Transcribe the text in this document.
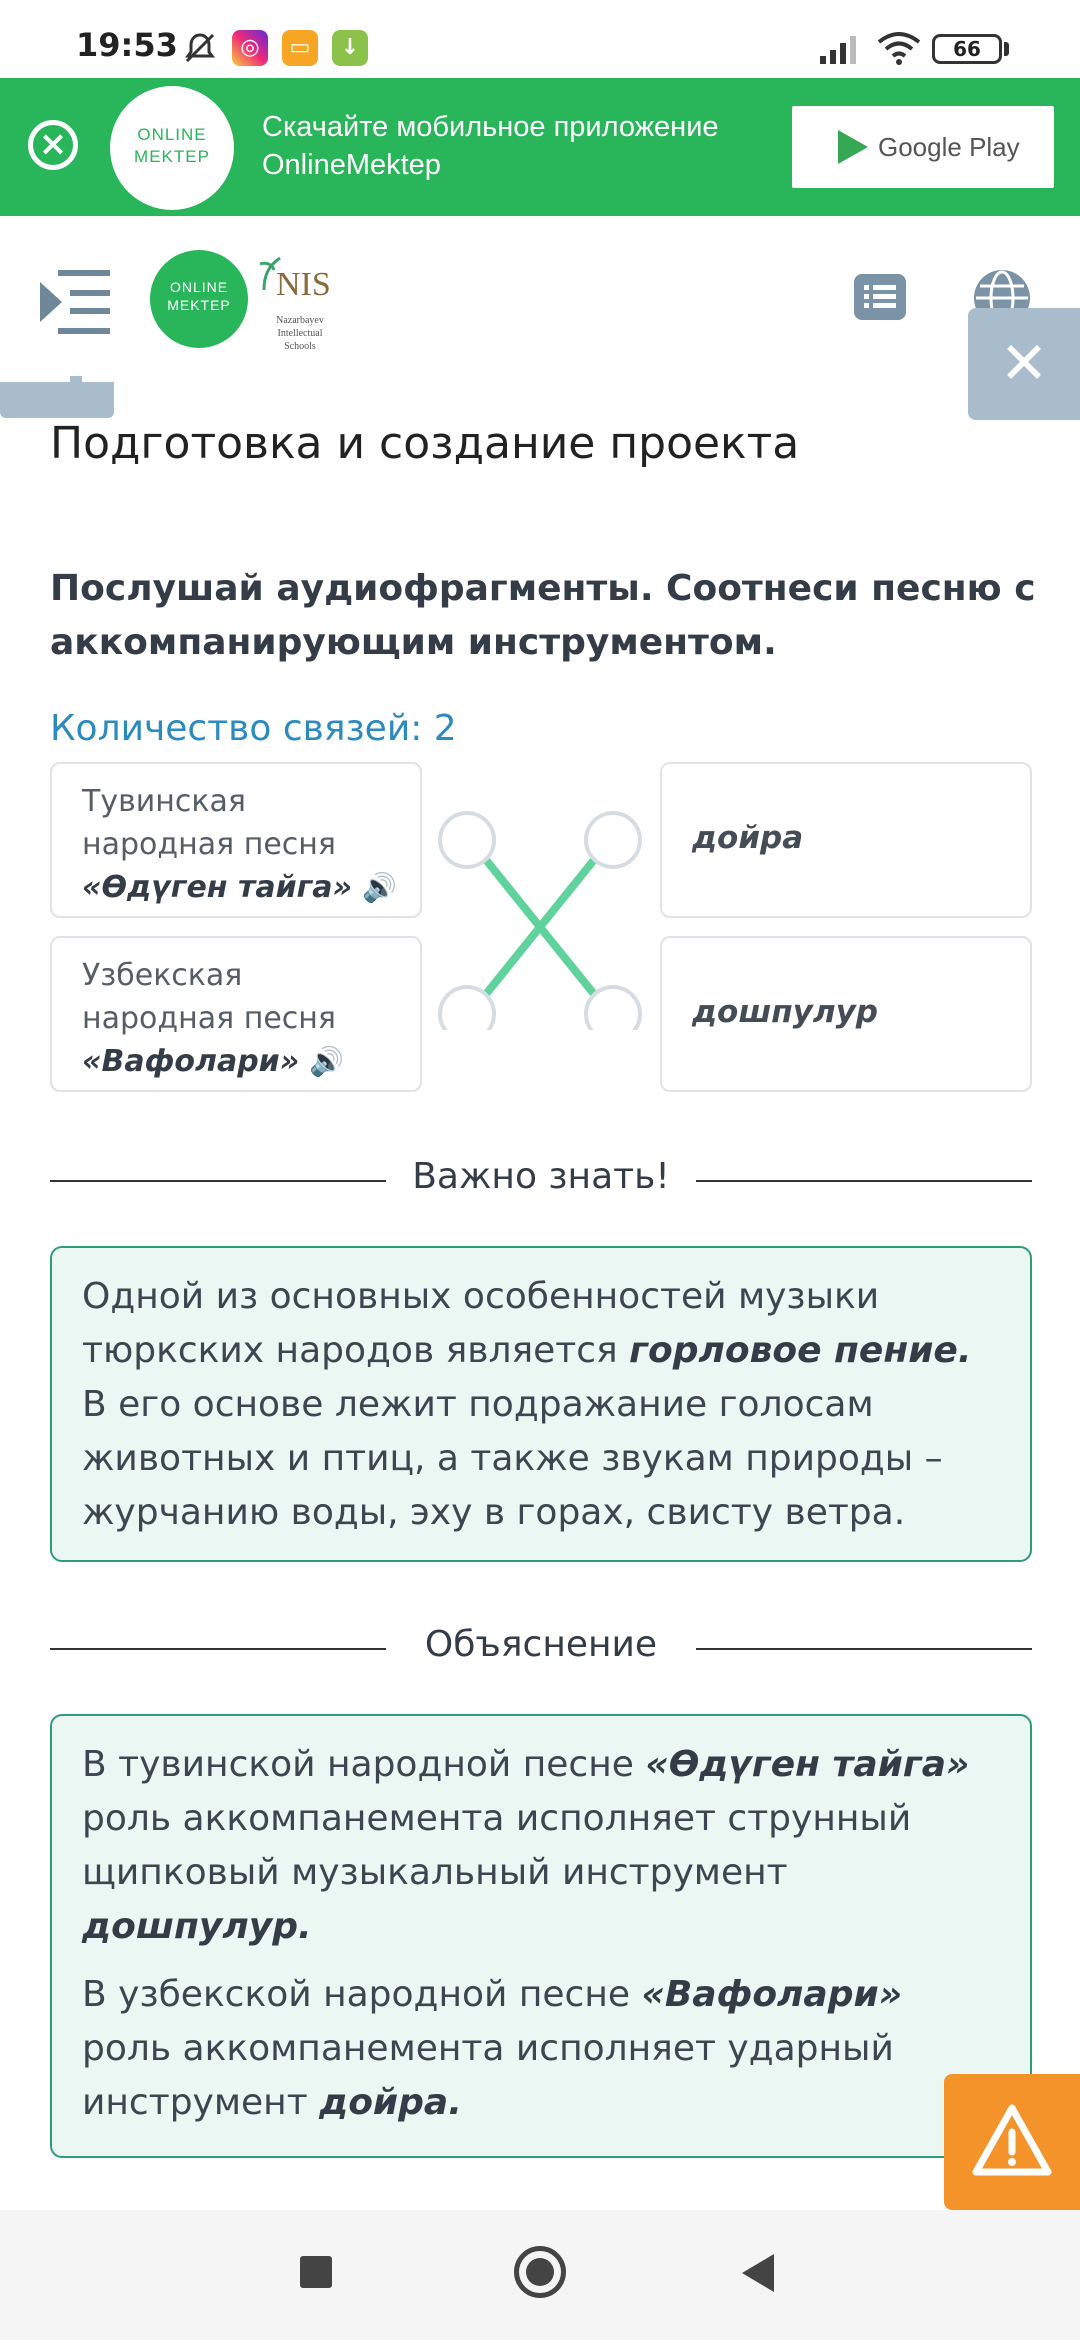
19:53	◎	▭	↓	66
×	ONLINE
MEKTEP
Скачайте мобильное приложение
OnlineMektep
Google Play
ONLINE
MEKTEP
NIS
Nazarbayev
Intellectual
Schools	✕
Подготовка и создание проекта
Послушай аудиофрагменты. Соотнеси песню с аккомпанирующим инструментом.
Количество связей: 2
Тувинская
народная песня
«Өдүген тайга» 🔊
Узбекская
народная песня
«Вафолари» 🔊
дойра
дошпулур
Важно знать!
Одной из основных особенностей музыки тюркских народов является горловое пение. В его основе лежит подражание голосам животных и птиц, а также звукам природы – журчанию воды, эху в горах, свисту ветра.
Объяснение
В тувинской народной песне «Өдүген тайга» роль аккомпанемента исполняет струнный щипковый музыкальный инструмент дошпулур.
В узбекской народной песне «Вафолари» роль аккомпанемента исполняет ударный инструмент дойра.
